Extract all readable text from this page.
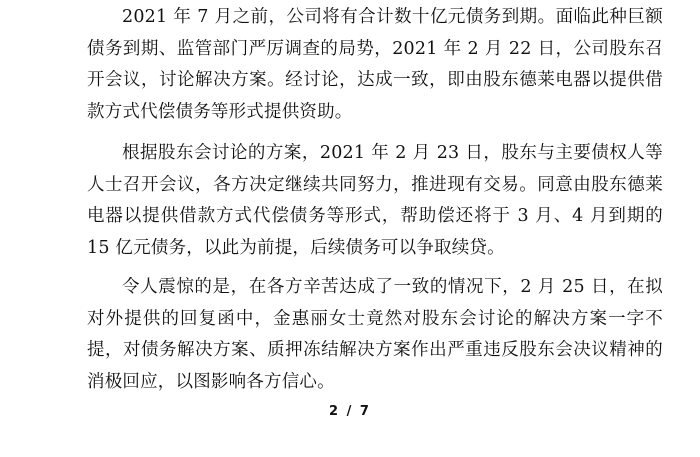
2021 年 7 月之前，公司将有合计数十亿元债务到期。面临此种巨额债务到期、监管部门严厉调查的局势，2021 年 2 月 22 日，公司股东召开会议，讨论解决方案。经讨论，达成一致，即由股东德莱电器以提供借款方式代偿债务等形式提供资助。

根据股东会讨论的方案，2021 年 2 月 23 日，股东与主要债权人等人士召开会议，各方决定继续共同努力，推进现有交易。同意由股东德莱电器以提供借款方式代偿债务等形式，帮助偿还将于 3 月、4 月到期的 15 亿元债务，以此为前提，后续债务可以争取续贷。

令人震惊的是，在各方辛苦达成了一致的情况下，2 月 25 日，在拟对外提供的回复函中，金惠丽女士竟然对股东会讨论的解决方案一字不提，对债务解决方案、质押冻结解决方案作出严重违反股东会决议精神的消极回应，以图影响各方信心。

2 / 7
